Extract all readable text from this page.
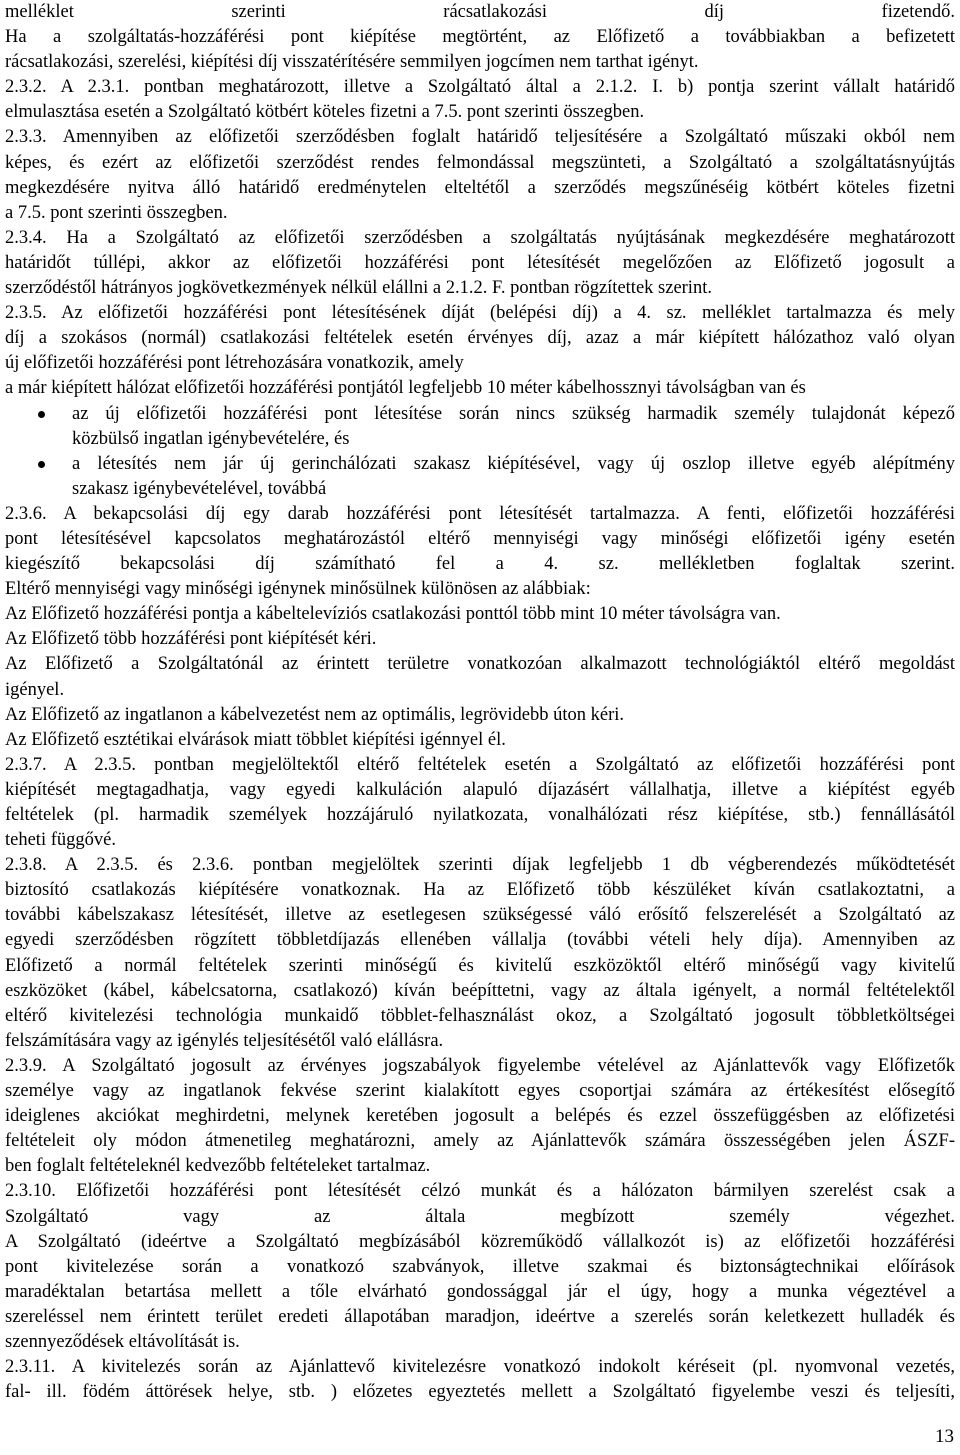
melléklet szerinti rácsatlakozási díj fizetendő.
Ha a szolgáltatás-hozzáférési pont kiépítése megtörtént, az Előfizető a továbbiakban a befizetett
rácsatlakozási, szerelési, kiépítési díj visszatérítésére semmilyen jogcímen nem tarthat igényt.
2.3.2. A 2.3.1. pontban meghatározott, illetve a Szolgáltató által a 2.1.2. I. b) pontja szerint vállalt határidő
elmulasztása esetén a Szolgáltató kötbért köteles fizetni a 7.5. pont szerinti összegben.
2.3.3. Amennyiben az előfizetői szerződésben foglalt határidő teljesítésére a Szolgáltató műszaki okból nem
képes, és ezért az előfizetői szerződést rendes felmondással megszünteti, a Szolgáltató a szolgáltatásnyújtás
megkezdésére nyitva álló határidő eredménytelen elteltétől a szerződés megszűnéséig kötbért köteles fizetni
a 7.5. pont szerinti összegben.
2.3.4. Ha a Szolgáltató az előfizetői szerződésben a szolgáltatás nyújtásának megkezdésére meghatározott
határidőt túllépi, akkor az előfizetői hozzáférési pont létesítését megelőzően az Előfizető jogosult a
szerződéstől hátrányos jogkövetkezmények nélkül elállni a 2.1.2. F. pontban rögzítettek szerint.
2.3.5. Az előfizetői hozzáférési pont létesítésének díját (belépési díj) a 4. sz. melléklet tartalmazza és mely
díj a szokásos (normál) csatlakozási feltételek esetén érvényes díj, azaz a már kiépített hálózathoz való olyan
új előfizetői hozzáférési pont létrehozására vonatkozik, amely
a már kiépített hálózat előfizetői hozzáférési pontjától legfeljebb 10 méter kábelhossznyi távolságban van és
az új előfizetői hozzáférési pont létesítése során nincs szükség harmadik személy tulajdonát képező
közbülső ingatlan igénybevételére, és
a létesítés nem jár új gerinchálózati szakasz kiépítésével, vagy új oszlop illetve egyéb alépítmény
szakasz igénybevételével, továbbá
2.3.6. A bekapcsolási díj egy darab hozzáférési pont létesítését tartalmazza. A fenti, előfizetői hozzáférési
pont létesítésével kapcsolatos meghatározástól eltérő mennyiségi vagy minőségi előfizetői igény esetén
kiegészítő bekapcsolási díj számítható fel a 4. sz. mellékletben foglaltak szerint.
Eltérő mennyiségi vagy minőségi igénynek minősülnek különösen az alábbiak:
Az Előfizető hozzáférési pontja a kábeltelevíziós csatlakozási ponttól több mint 10 méter távolságra van.
Az Előfizető több hozzáférési pont kiépítését kéri.
Az Előfizető a Szolgáltatónál az érintett területre vonatkozóan alkalmazott technológiáktól eltérő megoldást
igényel.
Az Előfizető az ingatlanon a kábelvezetést nem az optimális, legrövidebb úton kéri.
Az Előfizető esztétikai elvárások miatt többlet kiépítési igénnyel él.
2.3.7. A 2.3.5. pontban megjelöltektől eltérő feltételek esetén a Szolgáltató az előfizetői hozzáférési pont
kiépítését megtagadhatja, vagy egyedi kalkuláción alapuló díjazásért vállalhatja, illetve a kiépítést egyéb
feltételek (pl. harmadik személyek hozzájáruló nyilatkozata, vonalhálózati rész kiépítése, stb.) fennállásától
teheti függővé.
2.3.8. A 2.3.5. és 2.3.6. pontban megjelöltek szerinti díjak legfeljebb 1 db végberendezés működtetését
biztosító csatlakozás kiépítésére vonatkoznak. Ha az Előfizető több készüléket kíván csatlakoztatni, a
további kábelszakasz létesítését, illetve az esetlegesen szükségessé váló erősítő felszerelését a Szolgáltató az
egyedi szerződésben rögzített többletdíjazás ellenében vállalja (további vételi hely díja). Amennyiben az
Előfizető a normál feltételek szerinti minőségű és kivitelű eszközöktől eltérő minőségű vagy kivitelű
eszközöket (kábel, kábelcsatorna, csatlakozó) kíván beépíttetni, vagy az általa igényelt, a normál feltételektől
eltérő kivitelezési technológia munkaidő többlet-felhasználást okoz, a Szolgáltató jogosult többletköltségei
felszámítására vagy az igénylés teljesítésétől való elállásra.
2.3.9. A Szolgáltató jogosult az érvényes jogszabályok figyelembe vételével az Ajánlattevők vagy Előfizetők
személye vagy az ingatlanok fekvése szerint kialakított egyes csoportjai számára az értékesítést elősegítő
ideiglenes akciókat meghirdetni, melynek keretében jogosult a belépés és ezzel összefüggésben az előfizetési
feltételeit oly módon átmenetileg meghatározni, amely az Ajánlattevők számára összességében jelen ÁSZF-
ben foglalt feltételeknél kedvezőbb feltételeket tartalmaz.
2.3.10. Előfizetői hozzáférési pont létesítését célzó munkát és a hálózaton bármilyen szerelést csak a
Szolgáltató vagy az általa megbízott személy végezhet.
A Szolgáltató (ideértve a Szolgáltató megbízásából közreműködő vállalkozót is) az előfizetői hozzáférési
pont kivitelezése során a vonatkozó szabványok, illetve szakmai és biztonságtechnikai előírások
maradéktalan betartása mellett a tőle elvárható gondossággal jár el úgy, hogy a munka végeztével a
szereléssel nem érintett terület eredeti állapotában maradjon, ideértve a szerelés során keletkezett hulladék és
szennyeződések eltávolítását is.
2.3.11. A kivitelezés során az Ajánlattevő kivitelezésre vonatkozó indokolt kéréseit (pl. nyomvonal vezetés,
fal- ill. födém áttörések helye, stb. ) előzetes egyeztetés mellett a Szolgáltató figyelembe veszi és teljesíti,
13
